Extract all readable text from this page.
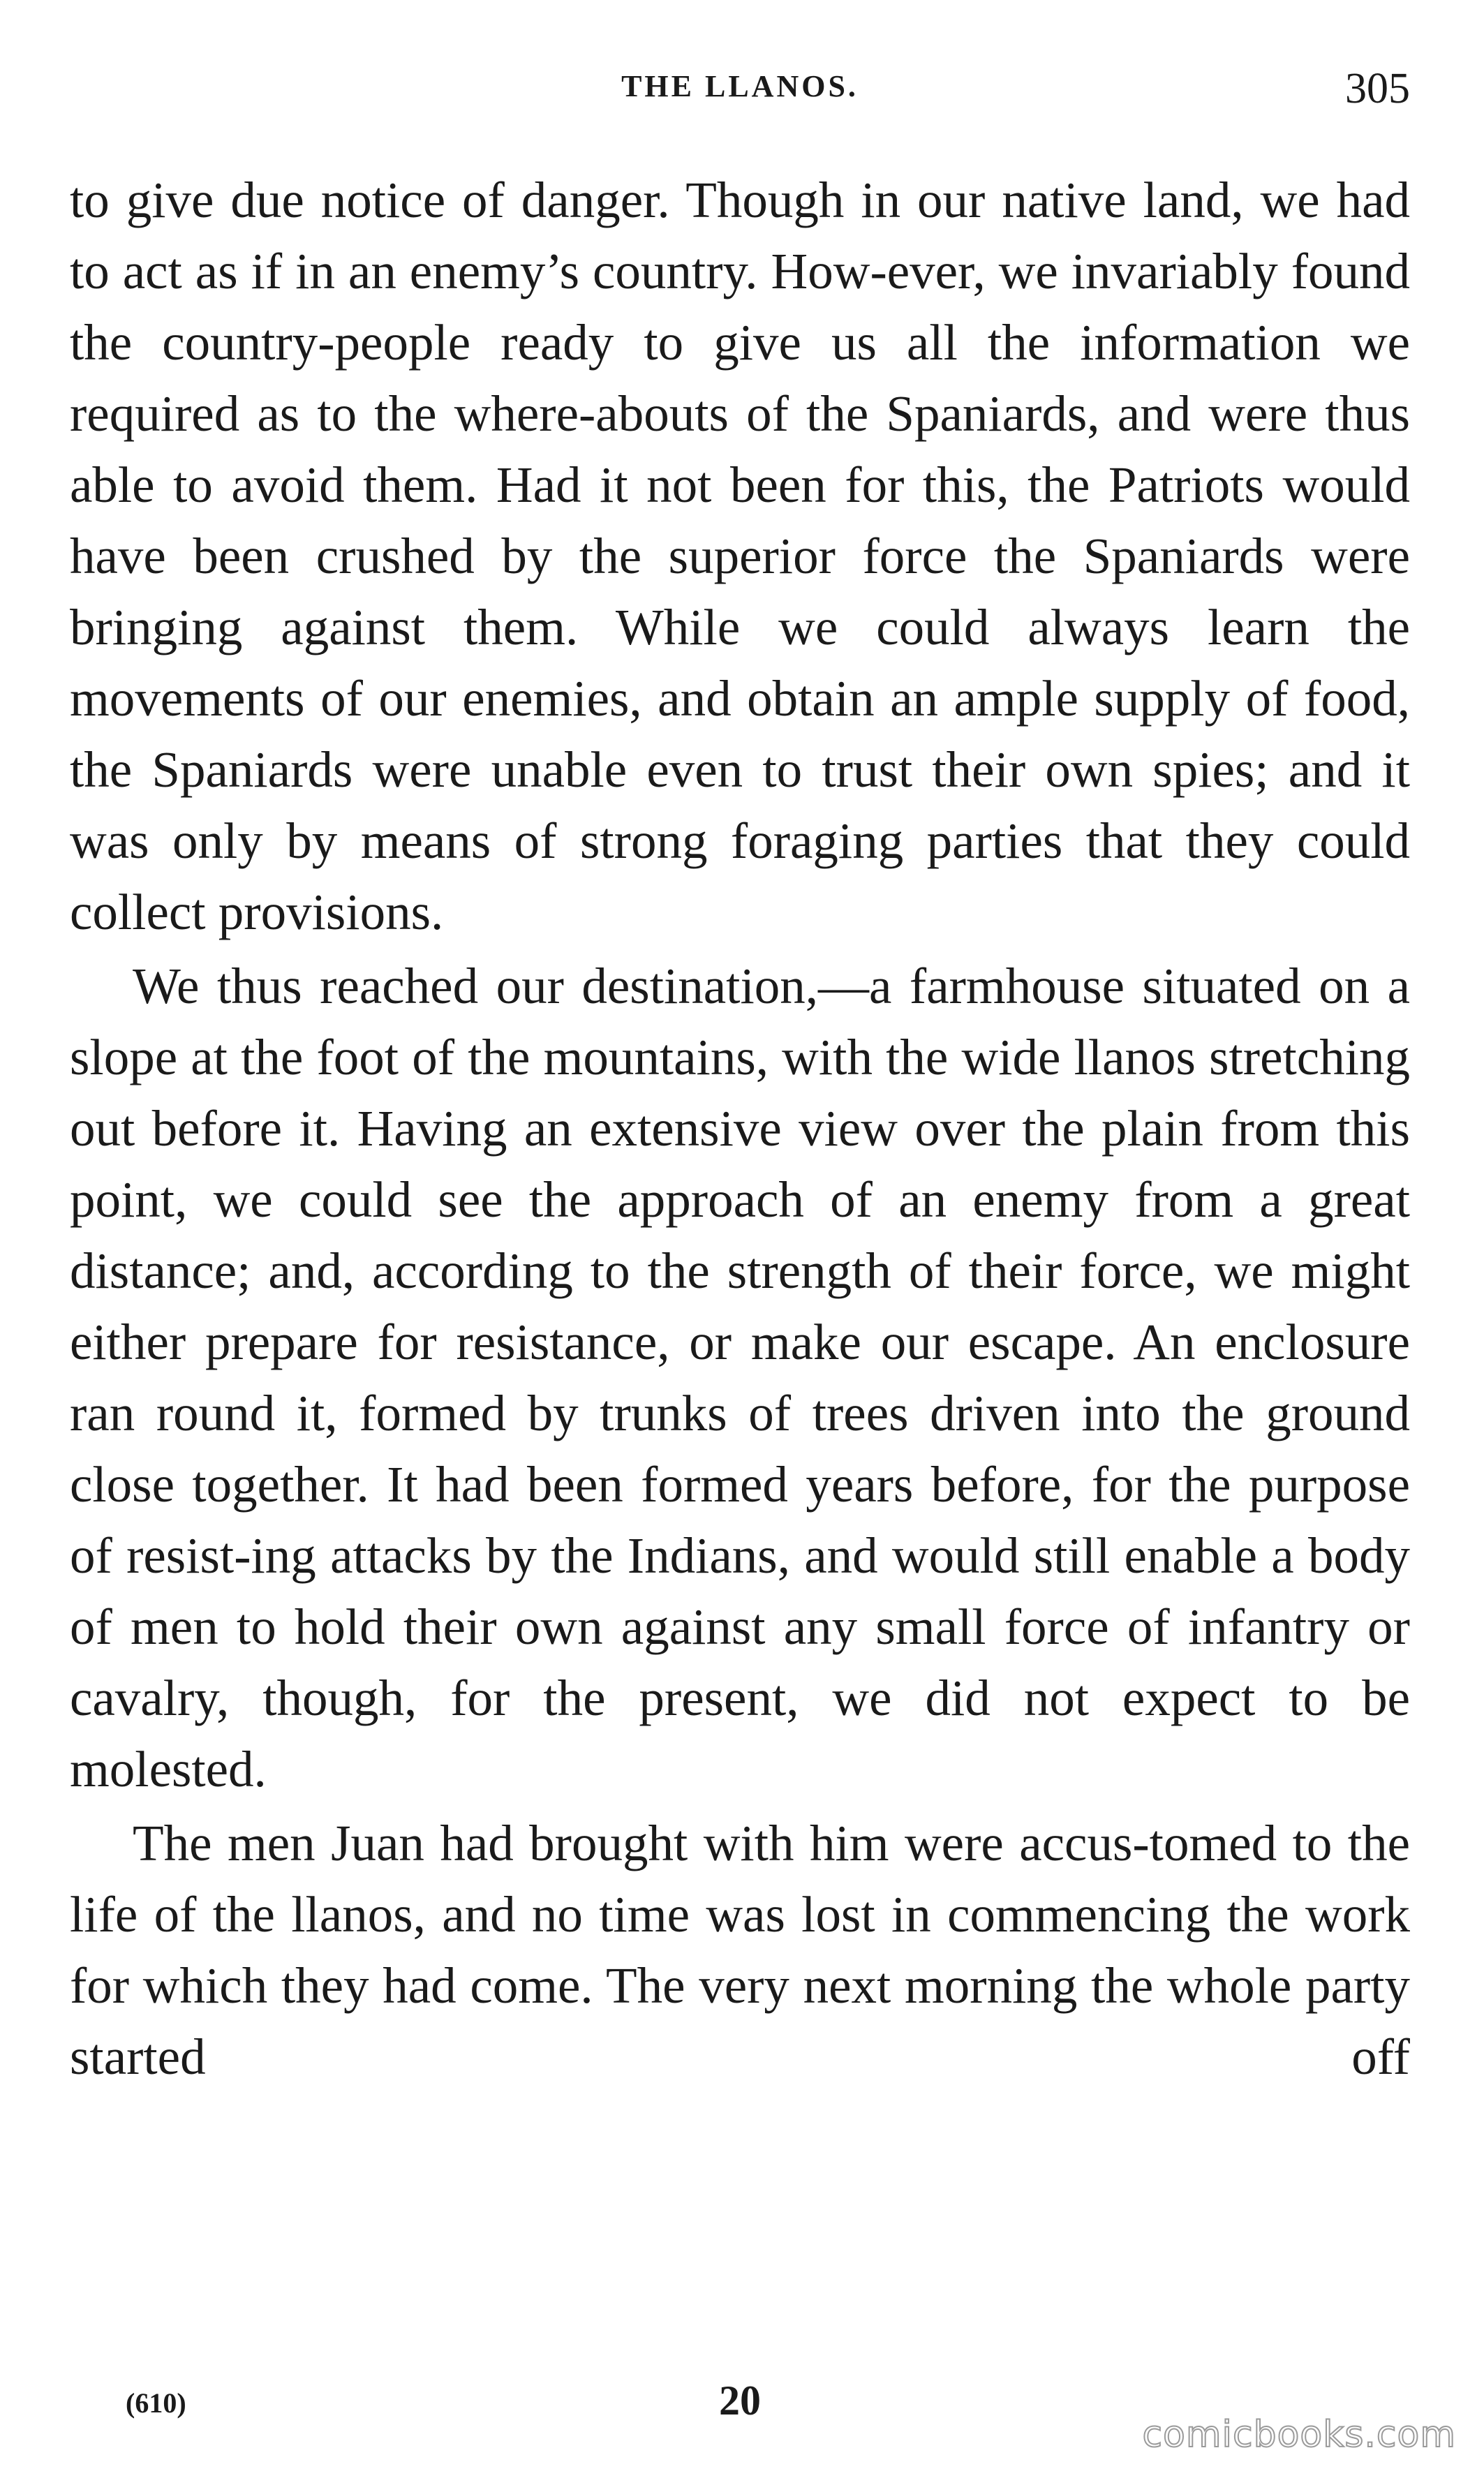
THE LLANOS.	305

to give due notice of danger. Though in our native land, we had to act as if in an enemy’s country. How-ever, we invariably found the country-people ready to give us all the information we required as to the where-abouts of the Spaniards, and were thus able to avoid them. Had it not been for this, the Patriots would have been crushed by the superior force the Spaniards were bringing against them. While we could always learn the movements of our enemies, and obtain an ample supply of food, the Spaniards were unable even to trust their own spies; and it was only by means of strong foraging parties that they could collect provisions.

We thus reached our destination,—a farmhouse situated on a slope at the foot of the mountains, with the wide llanos stretching out before it. Having an extensive view over the plain from this point, we could see the approach of an enemy from a great distance; and, according to the strength of their force, we might either prepare for resistance, or make our escape. An enclosure ran round it, formed by trunks of trees driven into the ground close together. It had been formed years before, for the purpose of resist-ing attacks by the Indians, and would still enable a body of men to hold their own against any small force of infantry or cavalry, though, for the present, we did not expect to be molested.

The men Juan had brought with him were accus-tomed to the life of the llanos, and no time was lost in commencing the work for which they had come. The very next morning the whole party started off

(610)	20
comicbooks.com
